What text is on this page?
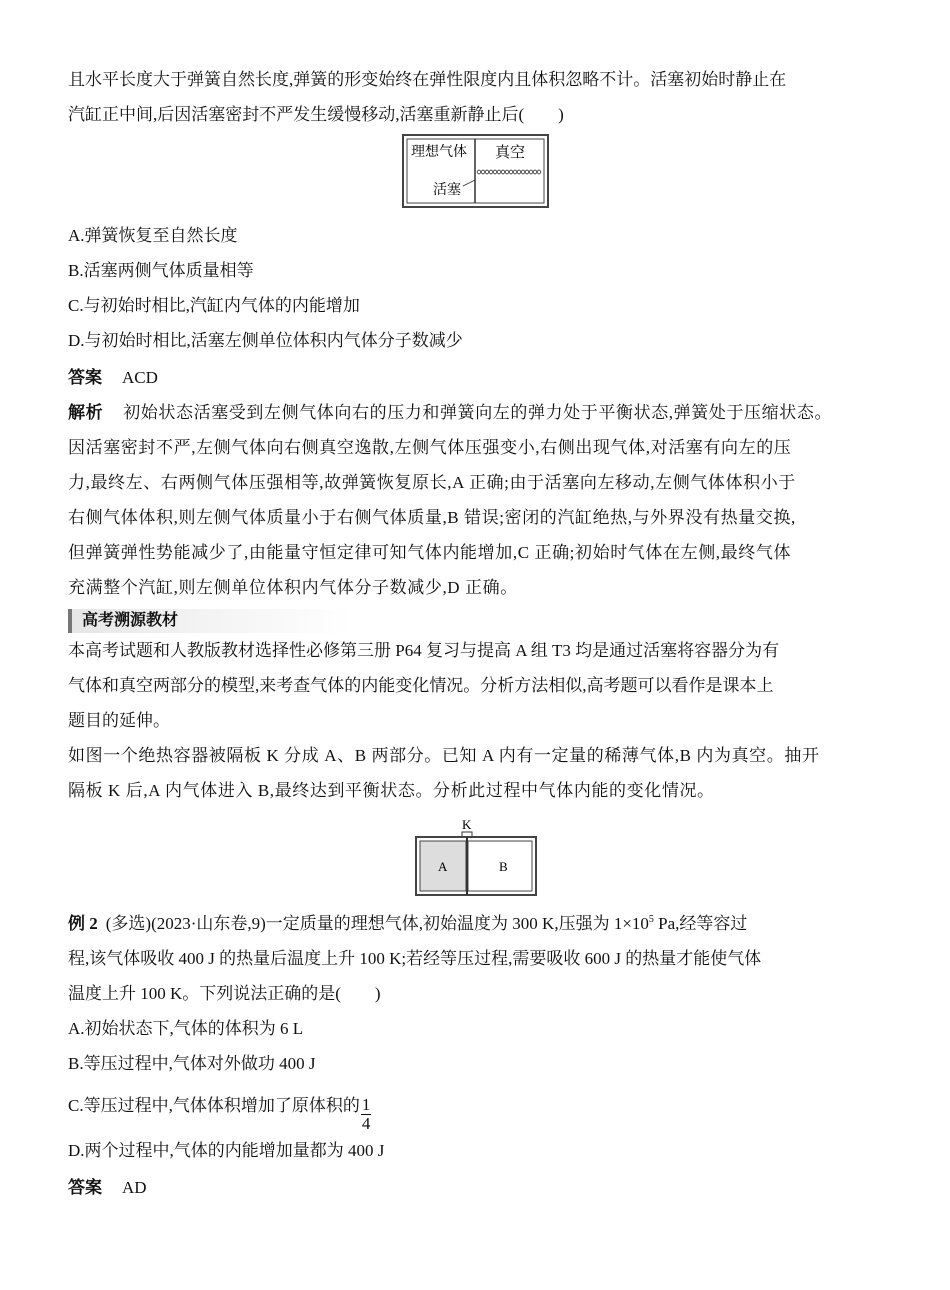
且水平长度大于弹簧自然长度,弹簧的形变始终在弹性限度内且体积忽略不计。活塞初始时静止在

汽缸正中间,后因活塞密封不严发生缓慢移动,活塞重新静止后(　　)

理想气体 真空
活塞

A.弹簧恢复至自然长度

B.活塞两侧气体质量相等

C.与初始时相比,汽缸内气体的内能增加

D.与初始时相比,活塞左侧单位体积内气体分子数减少

答案 ACD

解析 初始状态活塞受到左侧气体向右的压力和弹簧向左的弹力处于平衡状态,弹簧处于压缩状态。

因活塞密封不严,左侧气体向右侧真空逸散,左侧气体压强变小,右侧出现气体,对活塞有向左的压

力,最终左、右两侧气体压强相等,故弹簧恢复原长,A 正确;由于活塞向左移动,左侧气体体积小于

右侧气体体积,则左侧气体质量小于右侧气体质量,B 错误;密闭的汽缸绝热,与外界没有热量交换,

但弹簧弹性势能减少了,由能量守恒定律可知气体内能增加,C 正确;初始时气体在左侧,最终气体

充满整个汽缸,则左侧单位体积内气体分子数减少,D 正确。

高考溯源教材

本高考试题和人教版教材选择性必修第三册 P64 复习与提高 A 组 T3 均是通过活塞将容器分为有

气体和真空两部分的模型,来考查气体的内能变化情况。分析方法相似,高考题可以看作是课本上

题目的延伸。

如图一个绝热容器被隔板 K 分成 A、B 两部分。已知 A 内有一定量的稀薄气体,B 内为真空。抽开

隔板 K 后,A 内气体进入 B,最终达到平衡状态。分析此过程中气体内能的变化情况。

K
A	B

例 2 (多选)(2023·山东卷,9)一定质量的理想气体,初始温度为 300 K,压强为 $1\times 10^5$ Pa,经等容过

程,该气体吸收 400 J 的热量后温度上升 100 K;若经等压过程,需要吸收 600 J 的热量才能使气体

温度上升 100 K。下列说法正确的是(　　)

A.初始状态下,气体的体积为 6 L

B.等压过程中,气体对外做功 400 J

C.等压过程中,气体体积增加了原体积的 $\frac{1}{4}$

D.两个过程中,气体的内能增加量都为 400 J

答案 AD
